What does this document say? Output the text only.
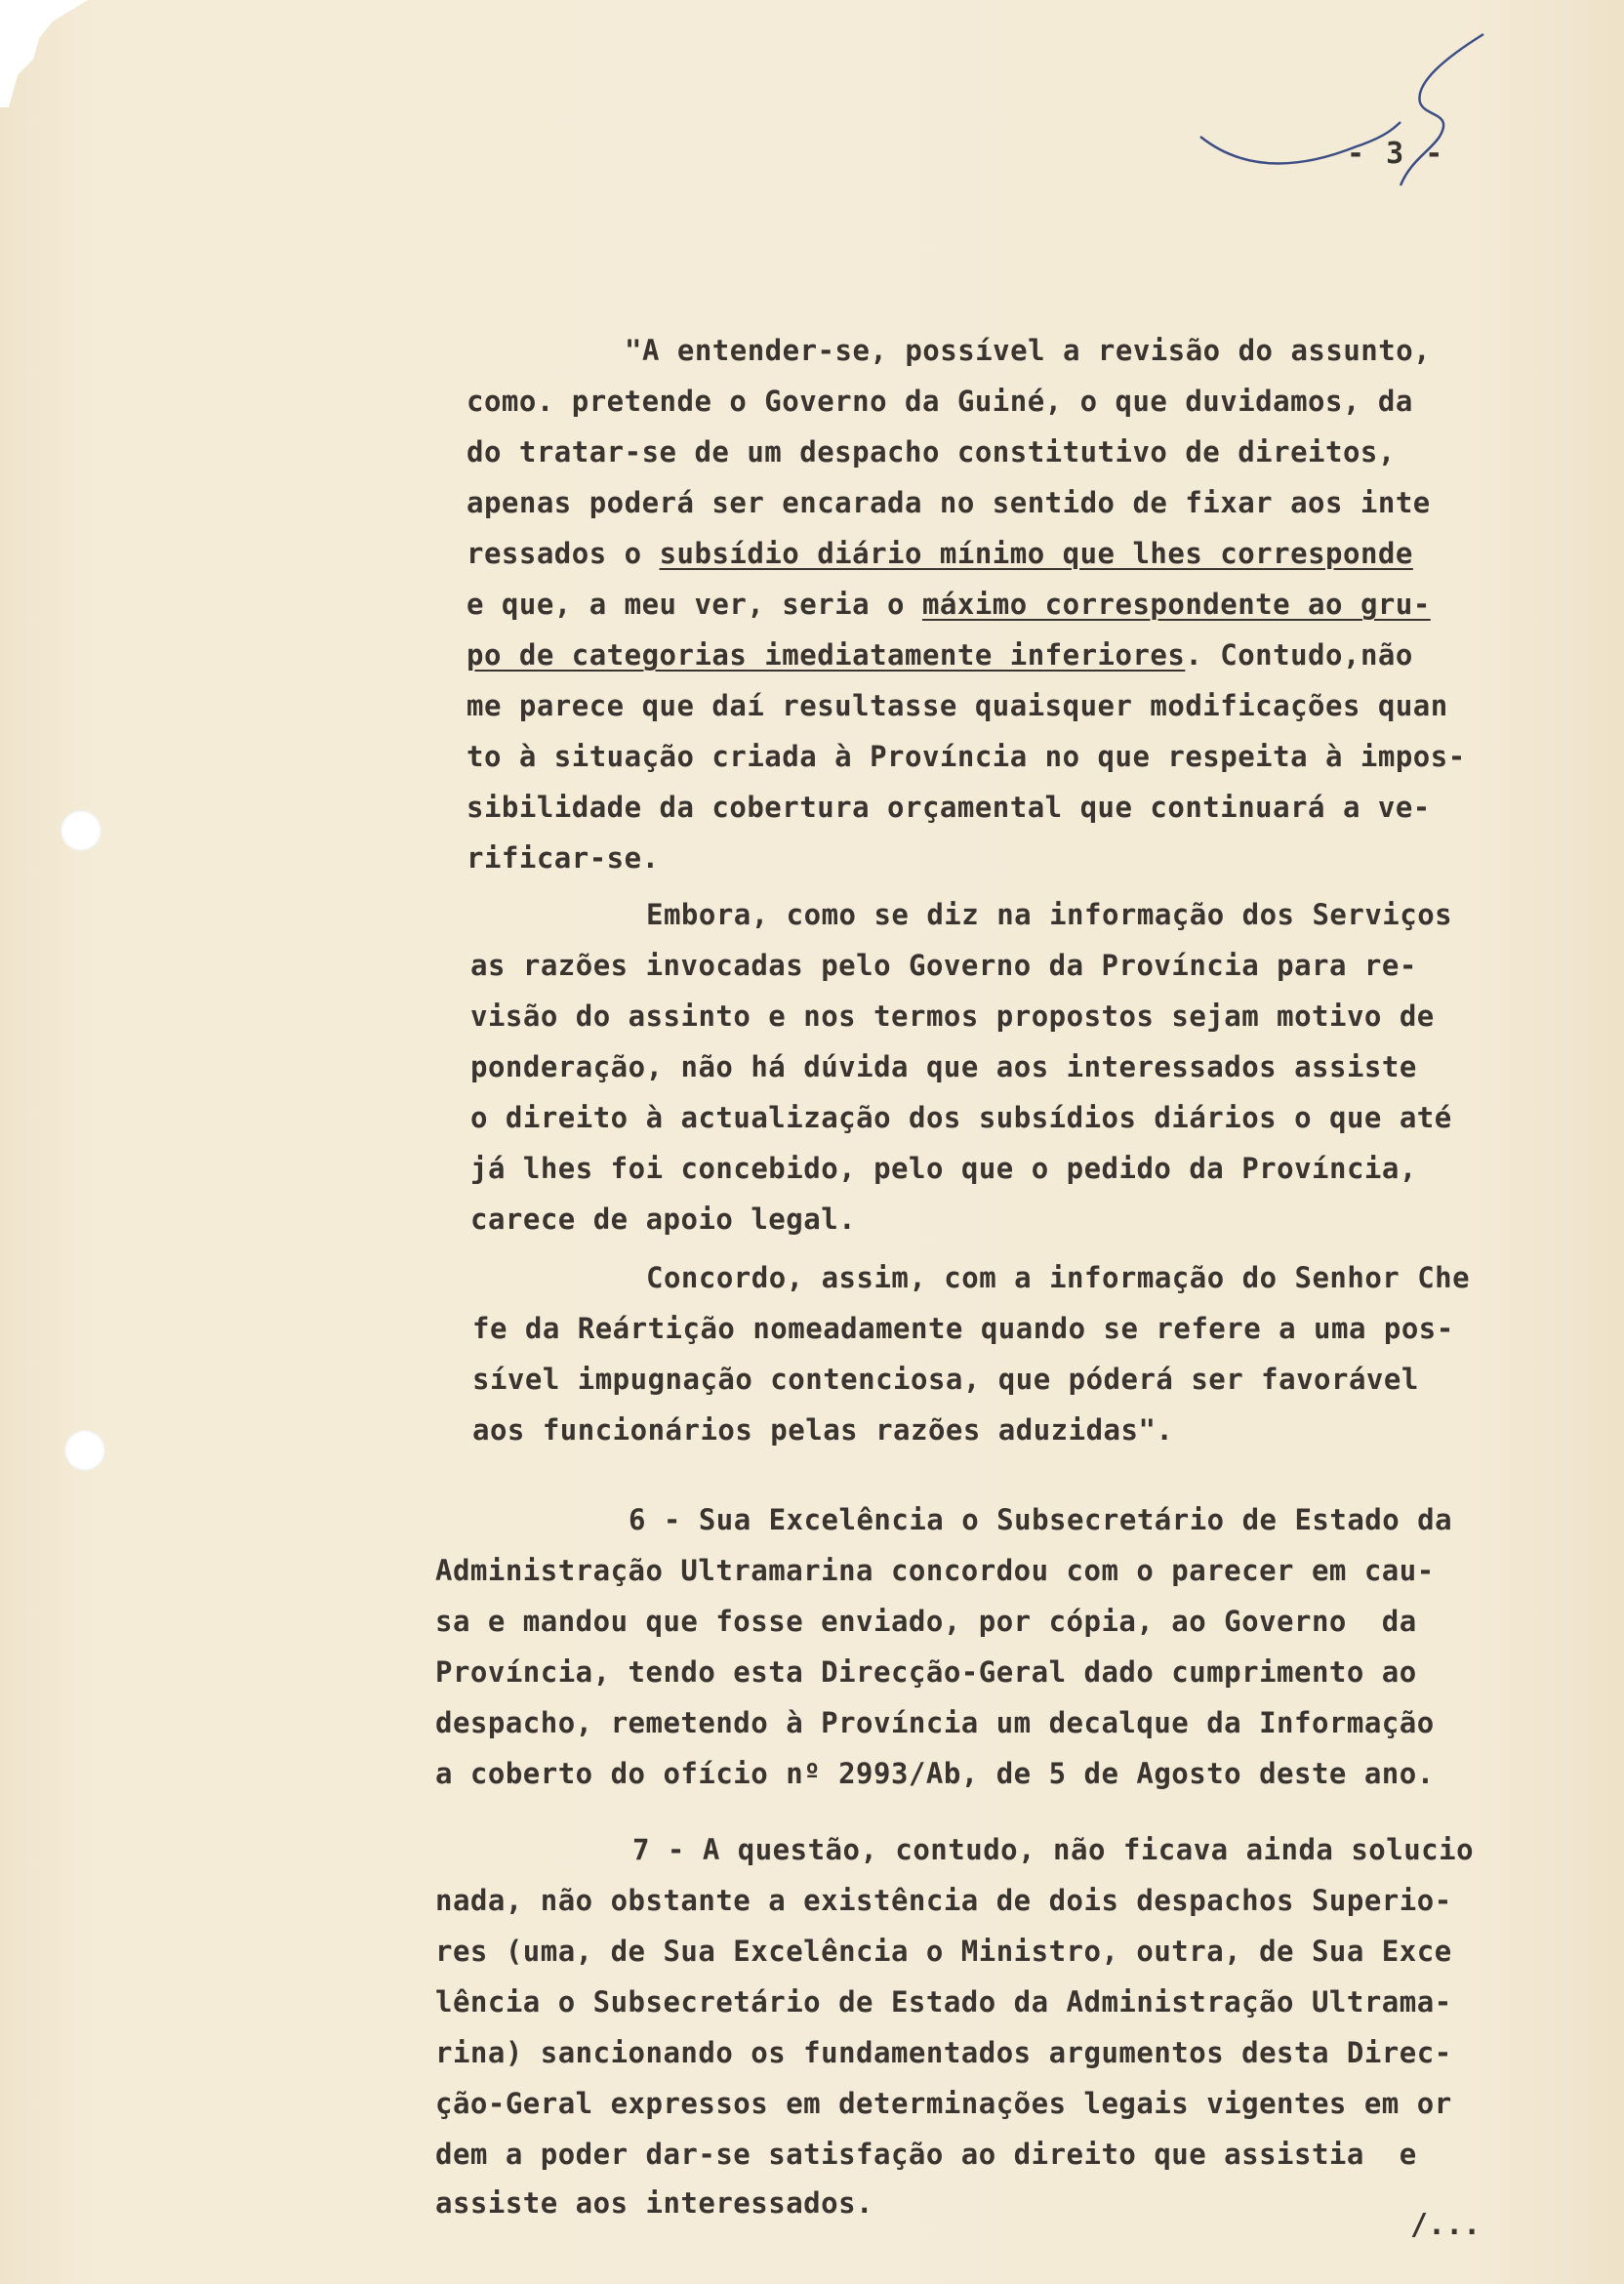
- 3 -
"A entender-se, possível a revisão do assunto,
como. pretende o Governo da Guiné, o que duvidamos, da
do tratar-se de um despacho constitutivo de direitos,
apenas poderá ser encarada no sentido de fixar aos inte
ressados o subsídio diário mínimo que lhes corresponde
e que, a meu ver, seria o máximo correspondente ao gru-
po de categorias imediatamente inferiores. Contudo,não
me parece que daí resultasse quaisquer modificações quan
to à situação criada à Província no que respeita à impos-
sibilidade da cobertura orçamental que continuará a ve-
rificar-se.
Embora, como se diz na informação dos Serviços
as razões invocadas pelo Governo da Província para re-
visão do assinto e nos termos propostos sejam motivo de
ponderação, não há dúvida que aos interessados assiste
o direito à actualização dos subsídios diários o que até
já lhes foi concebido, pelo que o pedido da Província,
carece de apoio legal.
Concordo, assim, com a informação do Senhor Che
fe da Reártição nomeadamente quando se refere a uma pos-
sível impugnação contenciosa, que póderá ser favorável
aos funcionários pelas razões aduzidas".
6 - Sua Excelência o Subsecretário de Estado da
Administração Ultramarina concordou com o parecer em cau-
sa e mandou que fosse enviado, por cópia, ao Governo  da
Província, tendo esta Direcção-Geral dado cumprimento ao
despacho, remetendo à Província um decalque da Informação
a coberto do ofício nº 2993/Ab, de 5 de Agosto deste ano.
7 - A questão, contudo, não ficava ainda solucio
nada, não obstante a existência de dois despachos Superio-
res (uma, de Sua Excelência o Ministro, outra, de Sua Exce
lência o Subsecretário de Estado da Administração Ultrama-
rina) sancionando os fundamentados argumentos desta Direc-
ção-Geral expressos em determinações legais vigentes em or
dem a poder dar-se satisfação ao direito que assistia  e
assiste aos interessados.
/...
